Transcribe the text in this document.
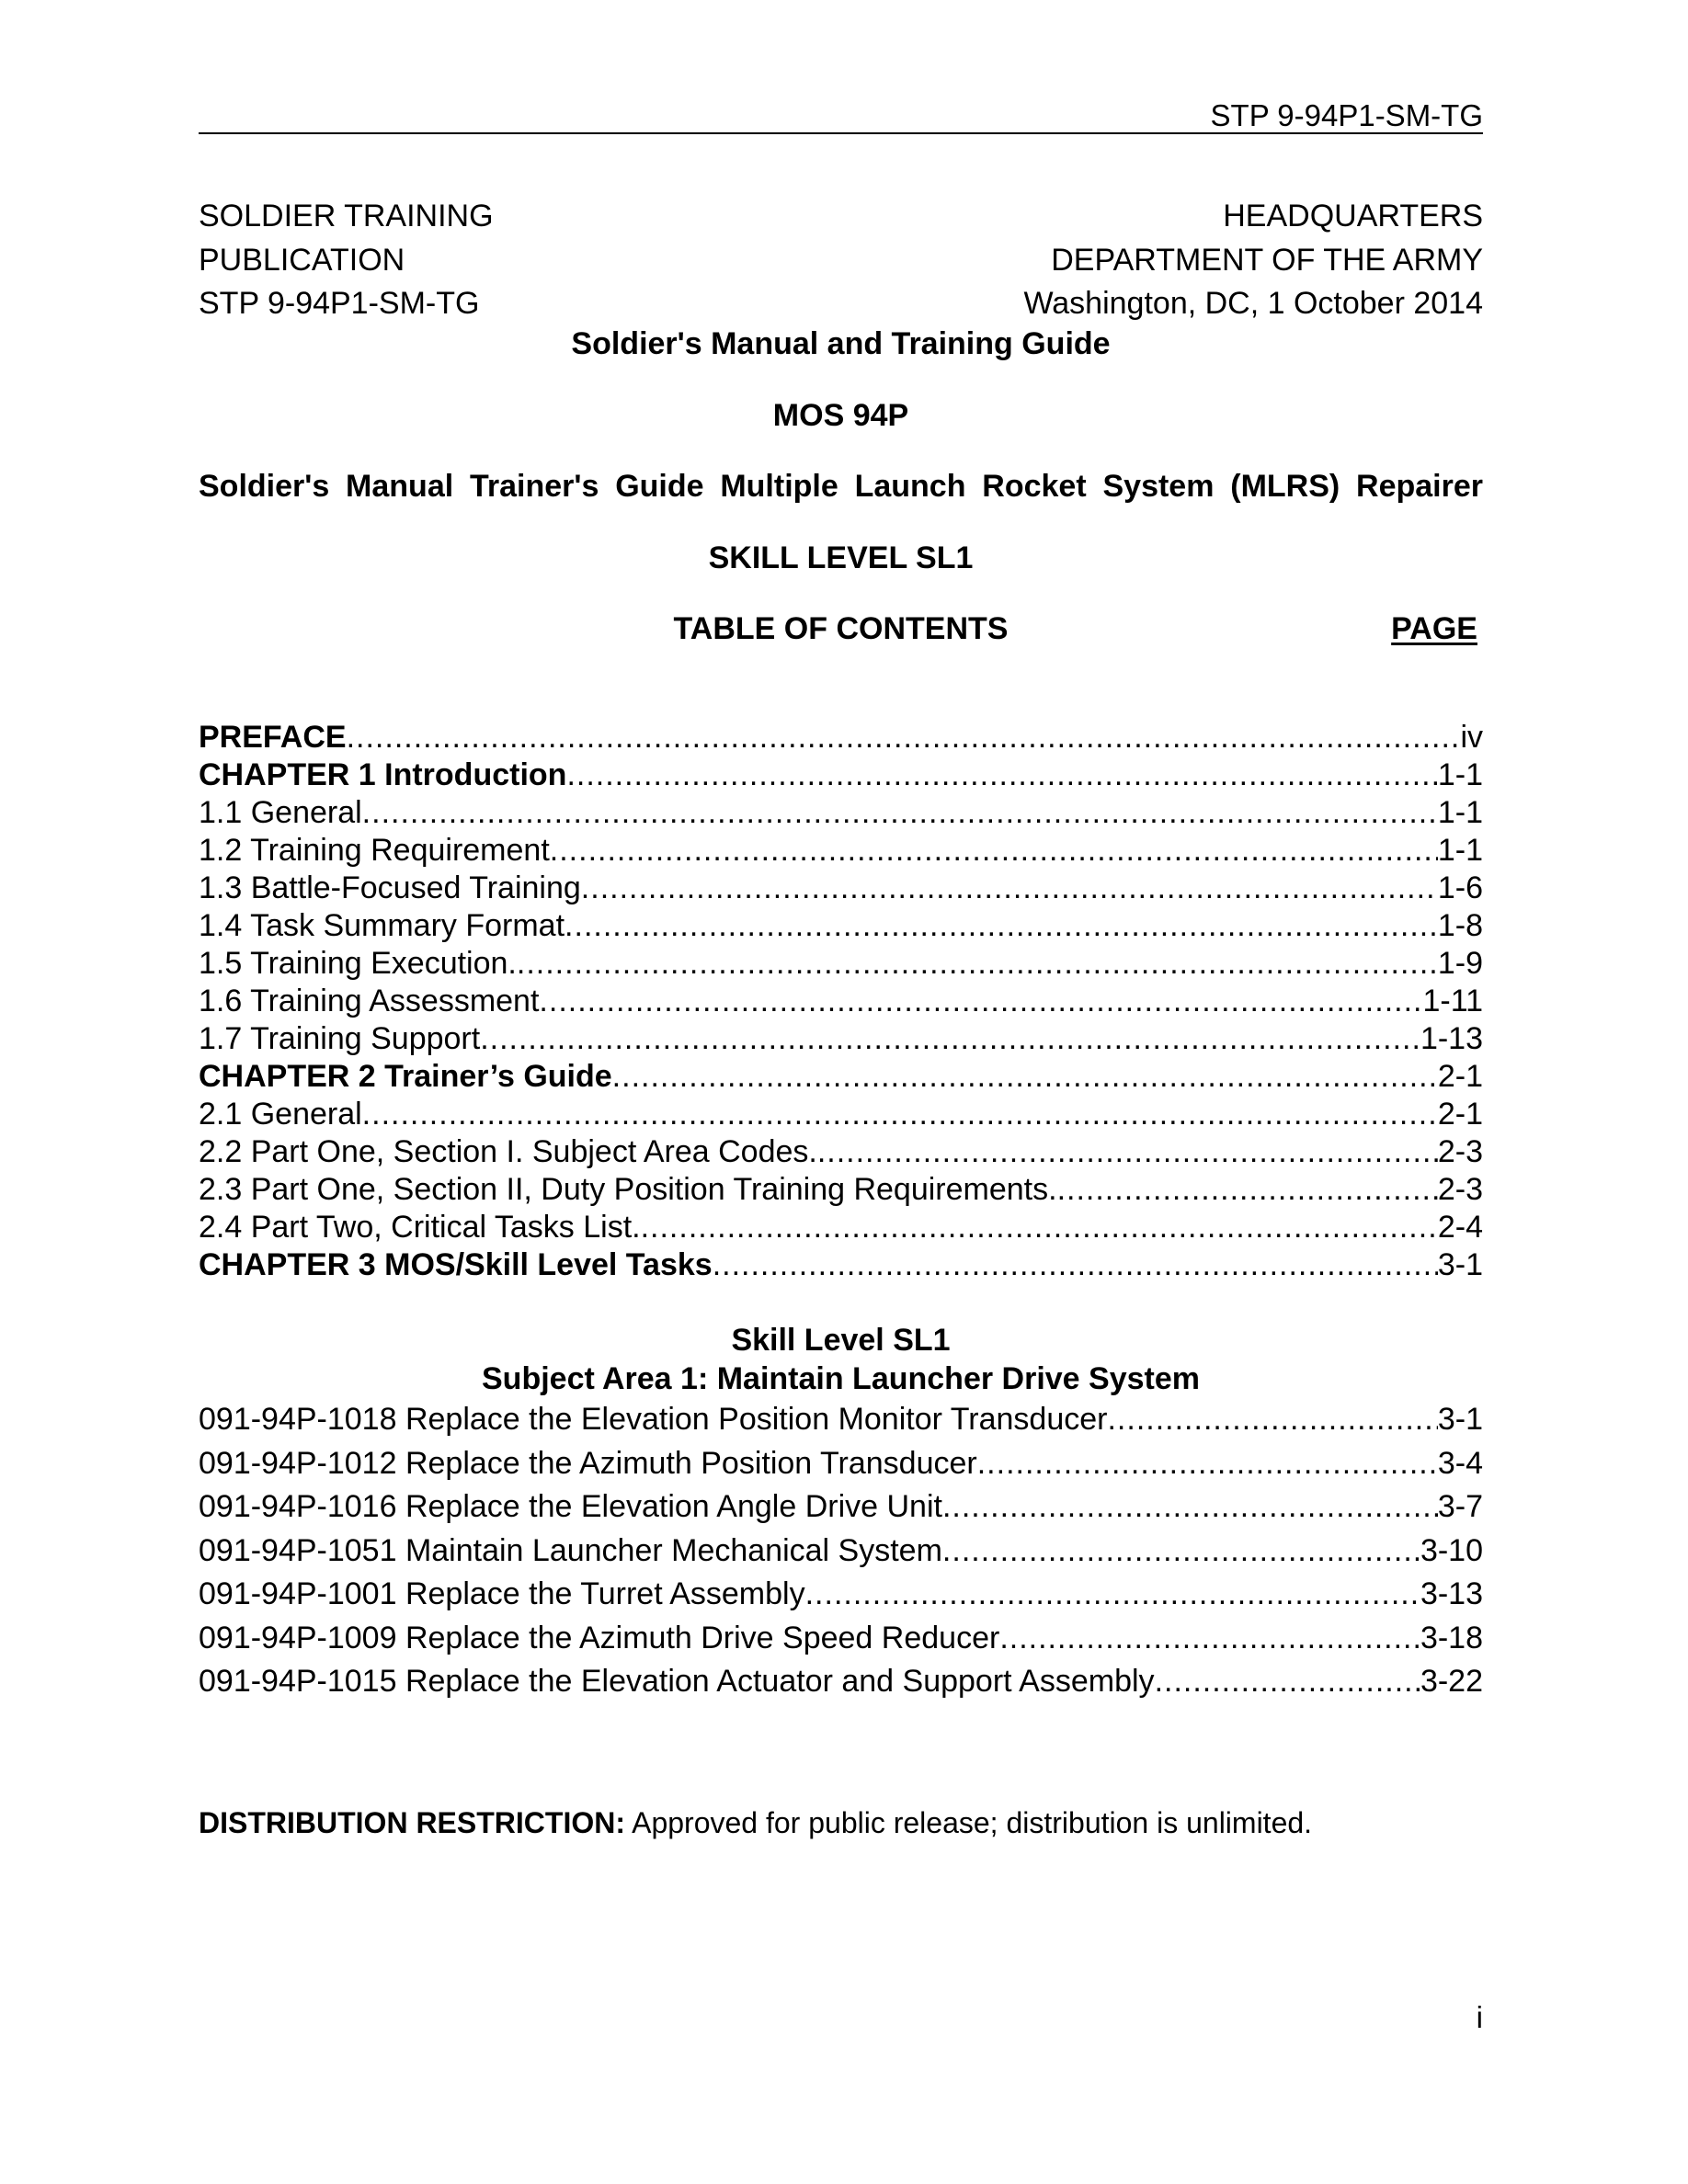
STP 9-94P1-SM-TG
SOLDIER TRAINING	HEADQUARTERS
PUBLICATION	DEPARTMENT OF THE ARMY
STP 9-94P1-SM-TG	Washington, DC, 1 October 2014
Soldier's Manual and Training Guide
MOS 94P
Soldier's Manual Trainer's Guide Multiple Launch Rocket System (MLRS) Repairer
SKILL LEVEL SL1
TABLE OF CONTENTS	PAGE
PREFACE .....	iv
CHAPTER 1 Introduction .....	1-1
1.1 General .....	1-1
1.2 Training Requirement .....	1-1
1.3 Battle-Focused Training .....	1-6
1.4 Task Summary Format .....	1-8
1.5 Training Execution. .....	1-9
1.6 Training Assessment .....	1-11
1.7 Training Support .....	1-13
CHAPTER 2 Trainer’s Guide .....	2-1
2.1 General .....	2-1
2.2 Part One, Section I. Subject Area Codes. .....	2-3
2.3 Part One, Section II, Duty Position Training Requirements. .....	2-3
2.4 Part Two, Critical Tasks List. .....	2-4
CHAPTER 3 MOS/Skill Level Tasks .....	3-1
Skill Level SL1
Subject Area 1: Maintain Launcher Drive System
091-94P-1018 Replace the Elevation Position Monitor Transducer .....	3-1
091-94P-1012 Replace the Azimuth Position Transducer .....	3-4
091-94P-1016 Replace the Elevation Angle Drive Unit .....	3-7
091-94P-1051 Maintain Launcher Mechanical System .....	3-10
091-94P-1001 Replace the Turret Assembly .....	3-13
091-94P-1009 Replace the Azimuth Drive Speed Reducer .....	3-18
091-94P-1015 Replace the Elevation Actuator and Support Assembly .....	3-22
DISTRIBUTION RESTRICTION: Approved for public release; distribution is unlimited.
i
